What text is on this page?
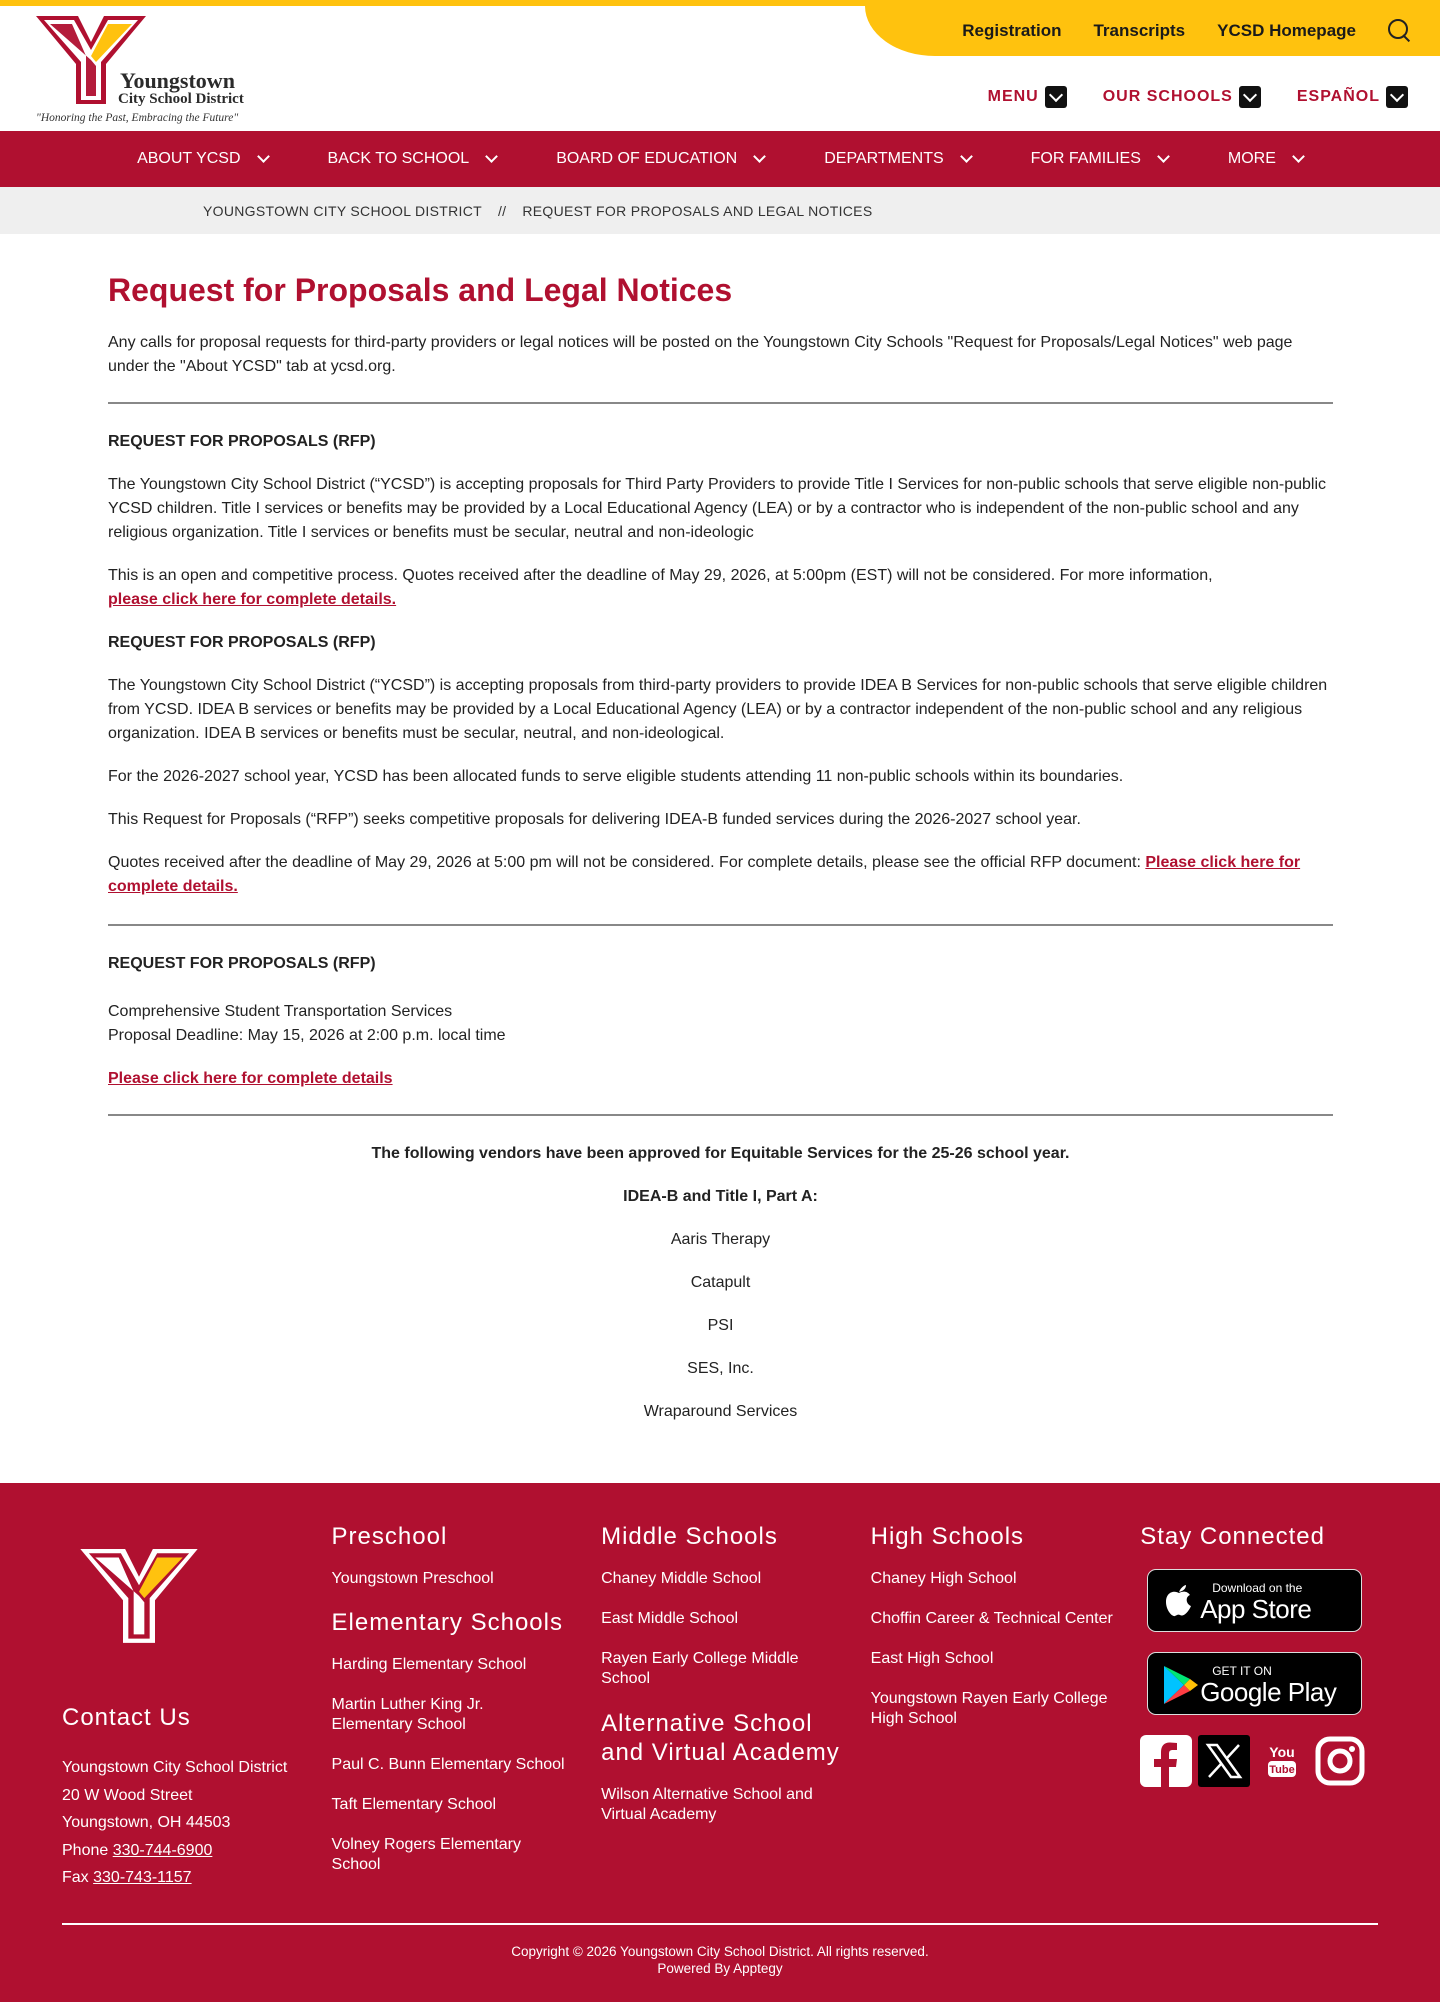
Youngstown
City School District
"Honoring the Past, Embracing the Future"
Registration Transcripts YCSD Homepage
MENU	OUR SCHOOLS	ESPAÑOL
ABOUT YCSD	BACK TO SCHOOL	BOARD OF EDUCATION	DEPARTMENTS	FOR FAMILIES	MORE
YOUNGSTOWN CITY SCHOOL DISTRICT // REQUEST FOR PROPOSALS AND LEGAL NOTICES
Request for Proposals and Legal Notices

Any calls for proposal requests for third-party providers or legal notices will be posted on the Youngstown City Schools "Request for Proposals/Legal Notices" web page under the "About YCSD" tab at ycsd.org.

REQUEST FOR PROPOSALS (RFP)

The Youngstown City School District (“YCSD”) is accepting proposals for Third Party Providers to provide Title I Services for non-public schools that serve eligible non-public YCSD children. Title I services or benefits may be provided by a Local Educational Agency (LEA) or by a contractor who is independent of the non-public school and any religious organization. Title I services or benefits must be secular, neutral and non-ideologic

This is an open and competitive process. Quotes received after the deadline of May 29, 2026, at 5:00pm (EST) will not be considered. For more information,
please click here for complete details.

REQUEST FOR PROPOSALS (RFP)

The Youngstown City School District (“YCSD”) is accepting proposals from third-party providers to provide IDEA B Services for non-public schools that serve eligible children from YCSD. IDEA B services or benefits may be provided by a Local Educational Agency (LEA) or by a contractor independent of the non-public school and any religious organization. IDEA B services or benefits must be secular, neutral, and non-ideological.

For the 2026-2027 school year, YCSD has been allocated funds to serve eligible students attending 11 non-public schools within its boundaries.

This Request for Proposals (“RFP”) seeks competitive proposals for delivering IDEA-B funded services during the 2026-2027 school year.

Quotes received after the deadline of May 29, 2026 at 5:00 pm will not be considered. For complete details, please see the official RFP document: Please click here for complete details.

REQUEST FOR PROPOSALS (RFP)

Comprehensive Student Transportation Services
Proposal Deadline: May 15, 2026 at 2:00 p.m. local time

Please click here for complete details

The following vendors have been approved for Equitable Services for the 25-26 school year.

IDEA-B and Title I, Part A:

Aaris Therapy

Catapult

PSI

SES, Inc.

Wraparound Services

Contact Us
Youngstown City School District
20 W Wood Street
Youngstown, OH 44503
Phone 330-744-6900
Fax 330-743-1157
Preschool
Youngstown Preschool
Elementary Schools
Harding Elementary School
Martin Luther King Jr. Elementary School
Paul C. Bunn Elementary School
Taft Elementary School
Volney Rogers Elementary School
Middle Schools
Chaney Middle School
East Middle School
Rayen Early College Middle School
Alternative School and Virtual Academy
Wilson Alternative School and Virtual Academy
High Schools
Chaney High School
Choffin Career & Technical Center
East High School
Youngstown Rayen Early College High School
Stay Connected
Download on the
App Store
GET IT ON
Google Play
You
Tube
Copyright © 2026 Youngstown City School District. All rights reserved.
Powered By Apptegy
